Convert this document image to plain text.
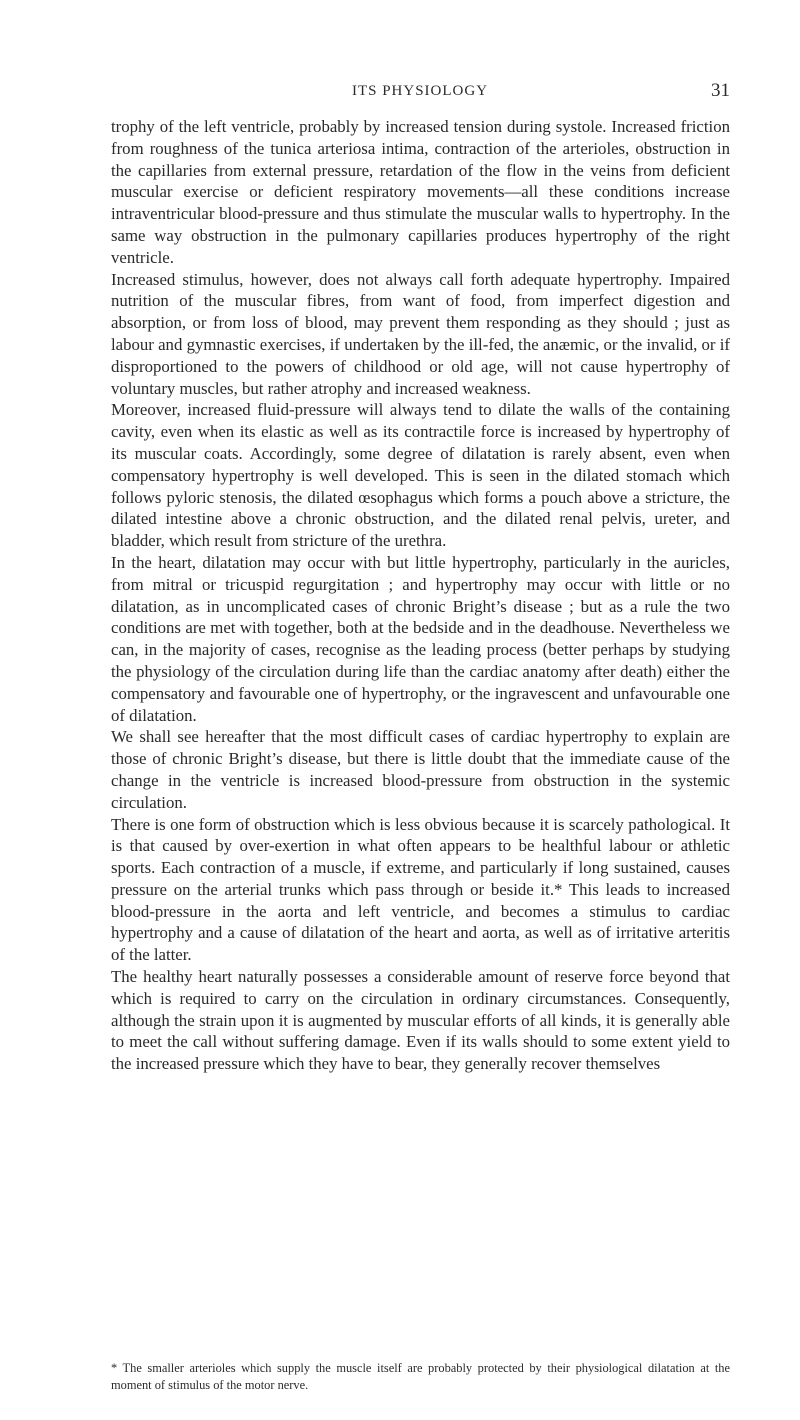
ITS PHYSIOLOGY	31

trophy of the left ventricle, probably by increased tension during systole. Increased friction from roughness of the tunica arteriosa intima, contraction of the arterioles, obstruction in the capillaries from external pressure, retardation of the flow in the veins from deficient muscular exercise or deficient respiratory movements—all these conditions increase intraventricular blood-pressure and thus stimulate the muscular walls to hypertrophy. In the same way obstruction in the pulmonary capillaries produces hypertrophy of the right ventricle.

Increased stimulus, however, does not always call forth adequate hypertrophy. Impaired nutrition of the muscular fibres, from want of food, from imperfect digestion and absorption, or from loss of blood, may prevent them responding as they should ; just as labour and gymnastic exercises, if undertaken by the ill-fed, the anæmic, or the invalid, or if disproportioned to the powers of childhood or old age, will not cause hypertrophy of voluntary muscles, but rather atrophy and increased weakness.

Moreover, increased fluid-pressure will always tend to dilate the walls of the containing cavity, even when its elastic as well as its contractile force is increased by hypertrophy of its muscular coats. Accordingly, some degree of dilatation is rarely absent, even when compensatory hypertrophy is well developed. This is seen in the dilated stomach which follows pyloric stenosis, the dilated œsophagus which forms a pouch above a stricture, the dilated intestine above a chronic obstruction, and the dilated renal pelvis, ureter, and bladder, which result from stricture of the urethra.

In the heart, dilatation may occur with but little hypertrophy, particularly in the auricles, from mitral or tricuspid regurgitation ; and hypertrophy may occur with little or no dilatation, as in uncomplicated cases of chronic Bright’s disease ; but as a rule the two conditions are met with together, both at the bedside and in the deadhouse. Nevertheless we can, in the majority of cases, recognise as the leading process (better perhaps by studying the physiology of the circulation during life than the cardiac anatomy after death) either the compensatory and favourable one of hypertrophy, or the ingravescent and unfavourable one of dilatation.

We shall see hereafter that the most difficult cases of cardiac hypertrophy to explain are those of chronic Bright’s disease, but there is little doubt that the immediate cause of the change in the ventricle is increased blood-pressure from obstruction in the systemic circulation.

There is one form of obstruction which is less obvious because it is scarcely pathological. It is that caused by over-exertion in what often appears to be healthful labour or athletic sports. Each contraction of a muscle, if extreme, and particularly if long sustained, causes pressure on the arterial trunks which pass through or beside it.* This leads to increased blood-pressure in the aorta and left ventricle, and becomes a stimulus to cardiac hypertrophy and a cause of dilatation of the heart and aorta, as well as of irritative arteritis of the latter.

The healthy heart naturally possesses a considerable amount of reserve force beyond that which is required to carry on the circulation in ordinary circumstances. Consequently, although the strain upon it is augmented by muscular efforts of all kinds, it is generally able to meet the call without suffering damage. Even if its walls should to some extent yield to the increased pressure which they have to bear, they generally recover themselves

* The smaller arterioles which supply the muscle itself are probably protected by their physiological dilatation at the moment of stimulus of the motor nerve.
